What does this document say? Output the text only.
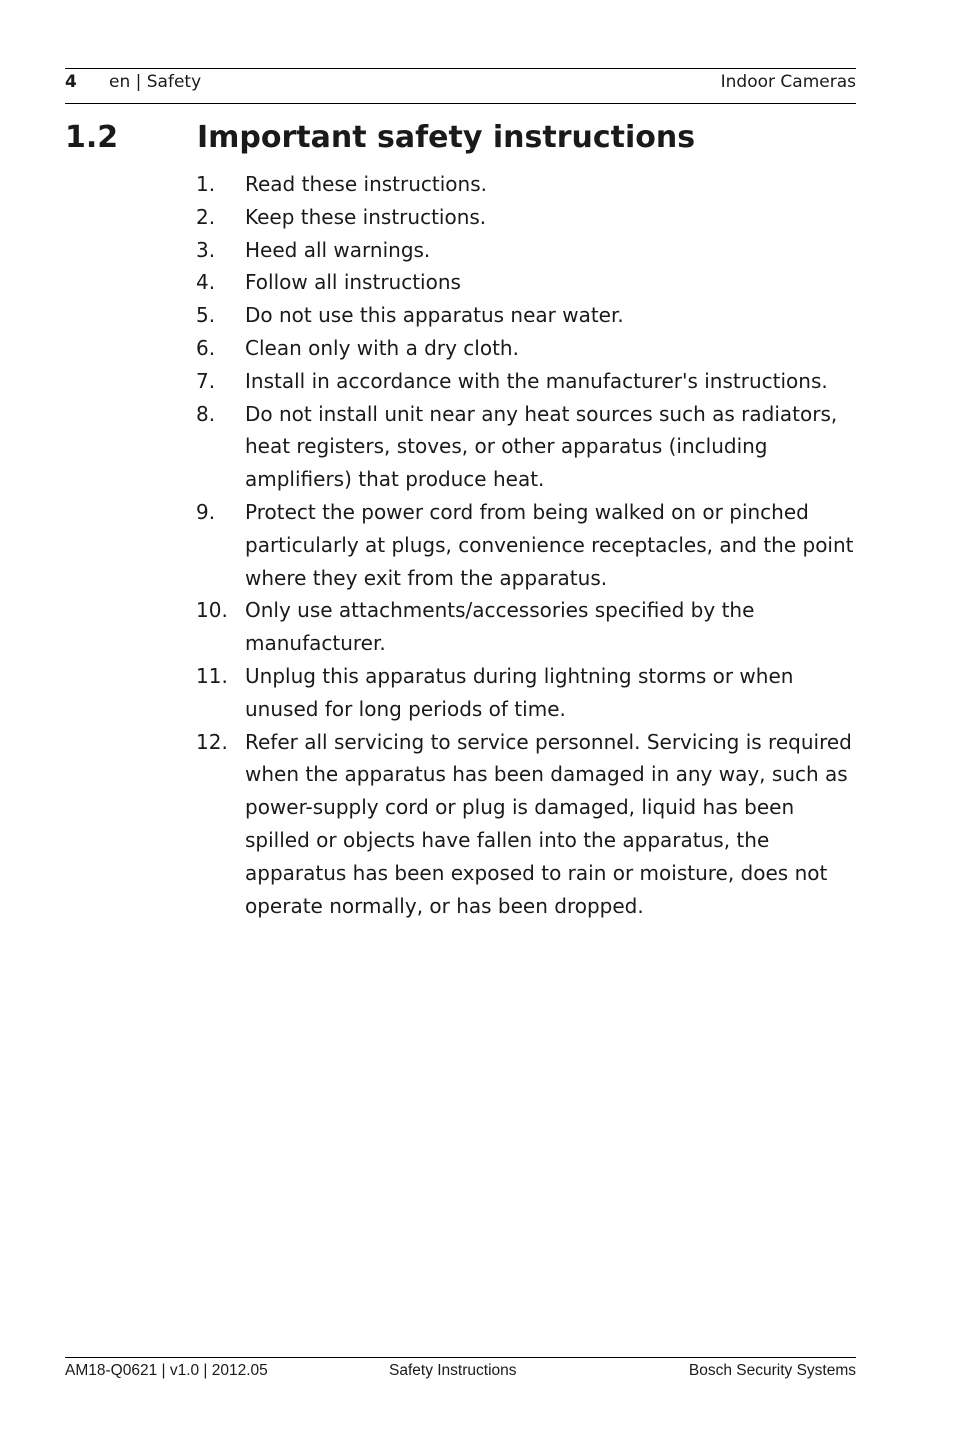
4 en | Safety	Indoor Cameras
1.2	Important safety instructions
1. Read these instructions.
2. Keep these instructions.
3. Heed all warnings.
4. Follow all instructions
5. Do not use this apparatus near water.
6. Clean only with a dry cloth.
7. Install in accordance with the manufacturer's instructions.
8. Do not install unit near any heat sources such as radiators, heat registers, stoves, or other apparatus (including amplifiers) that produce heat.
9. Protect the power cord from being walked on or pinched particularly at plugs, convenience receptacles, and the point where they exit from the apparatus.
10. Only use attachments/accessories specified by the manufacturer.
11. Unplug this apparatus during lightning storms or when unused for long periods of time.
12. Refer all servicing to service personnel. Servicing is required when the apparatus has been damaged in any way, such as power-supply cord or plug is damaged, liquid has been spilled or objects have fallen into the apparatus, the apparatus has been exposed to rain or moisture, does not operate normally, or has been dropped.
AM18-Q0621 | v1.0 | 2012.05	Safety Instructions	Bosch Security Systems
